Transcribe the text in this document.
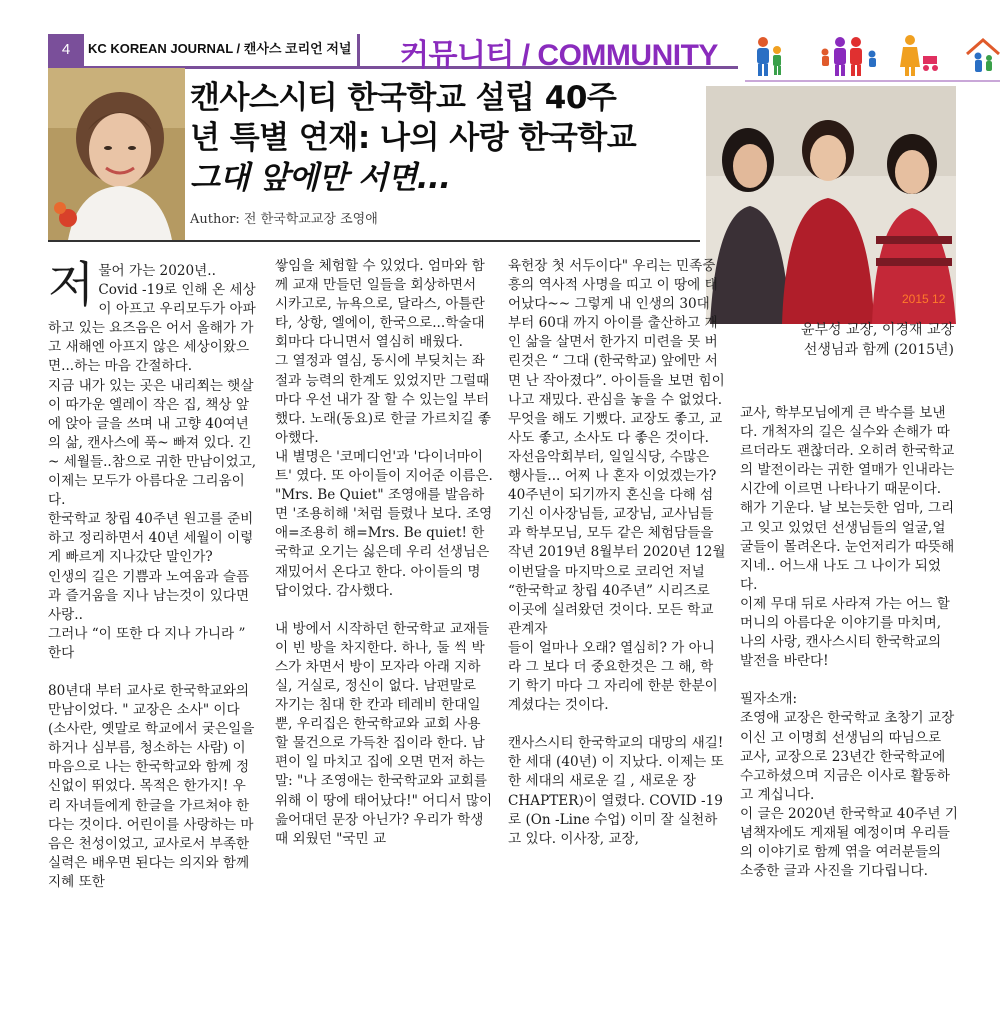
4	KC KOREAN JOURNAL / 캔사스 코리언 저널 커뮤니티 / COMMUNITY
캔사스시티 한국학교 설립 40주
년 특별 연재: 나의 사랑 한국학교
그대 앞에만 서면...
Author: 전 한국학교교장 조영애
2015 12
윤부성 교장, 이경재 교장
선생님과 함께 (2015년)

저물어 가는 2020년.. Covid -19로 인해 온 세상이 아프고 우리모두가 아파하고 있는 요즈음은 어서 올해가 가고 새해엔 아프지 않은 세상이왔으면...하는 마음 간절하다.

지금 내가 있는 곳은 내리쬐는 햇살이 따가운 엘레이 작은 집, 책상 앞에 앉아 글을 쓰며 내 고향 40여년의 삶, 캔사스에 푹~ 빠져 있다. 긴~ 세월들..참으로 귀한 만남이었고, 이제는 모두가 아름다운 그리움이다.

한국학교 창립 40주년 원고를 준비하고 정리하면서 40년 세월이 이렇게 빠르게 지나갔단 말인가?

인생의 길은 기쁨과 노여움과 슬픔과 즐거움을 지나 남는것이 있다면 사랑..

그러나 “이 또한 다 지나 가니라 ” 한다

80년대 부터 교사로 한국학교와의 만남이었다. " 교장은 소사" 이다 (소사란, 옛말로 학교에서 궂은일을 하거나 심부름, 청소하는 사람) 이 마음으로 나는 한국학교와 함께 정신없이 뛰었다. 목적은 한가지! 우리 자녀들에게 한글을 가르쳐야 한다는 것이다. 어린이를 사랑하는 마음은 천성이었고, 교사로서 부족한 실력은 배우면 된다는 의지와 함께 지혜 또한

쌓임을 체험할 수 있었다. 엄마와 함께 교재 만들던 일들을 회상하면서 시카고로, 뉴욕으로, 달라스, 아틀란타, 상항, 엘에이, 한국으로...학술대회마다 다니면서 열심히 배웠다.

그 열정과 열심, 동시에 부딪치는 좌절과 능력의 한계도 있었지만 그럴때 마다 우선 내가 잘 할 수 있는일 부터 했다. 노래(동요)로 한글 가르치길 좋아했다.

내 별명은 '코메디언'과 '다이너마이트' 였다. 또 아이들이 지어준 이름은. "Mrs. Be Quiet" 조영애를 발음하면 '조용히해 '처럼 들렸나 보다. 조영애=조용히 해=Mrs. Be quiet! 한국학교 오기는 싫은데 우리 선생님은 재밌어서 온다고 한다. 아이들의 명답이었다. 감사했다.

내 방에서 시작하던 한국학교 교재들이 빈 방을 차지한다. 하나, 둘 씩 박스가 차면서 방이 모자라 아래 지하실, 거실로, 정신이 없다. 남편말로 자기는 침대 한 칸과 테레비 한대일 뿐, 우리집은 한국학교와 교회 사용할 물건으로 가득찬 집이라 한다. 남편이 일 마치고 집에 오면 먼저 하는 말: "나 조영애는 한국학교와 교회를 위해 이 땅에 태어났다!" 어디서 많이 읊어대던 문장 아닌가? 우리가 학생 때 외웠던 "국민 교

육헌장 첫 서두이다" 우리는 민족중흥의 역사적 사명을 띠고 이 땅에 태어났다~~ 그렇게 내 인생의 30대 부터 60대 까지 아이를 출산하고 개인 삶을 살면서 한가지 미련을 못 버린것은 “ 그대 (한국학교) 앞에만 서면 난 작아졌다”. 아이들을 보면 힘이 나고 재밌다. 관심을 놓을 수 없었다. 무엇을 해도 기뻤다. 교장도 좋고, 교사도 좋고, 소사도 다 좋은 것이다. 자선음악회부터, 일일식당, 수많은 행사들... 어찌 나 혼자 이었겠는가?

40주년이 되기까지 혼신을 다해 섬기신 이사장님들, 교장님, 교사님들과 학부모님, 모두 같은 체험담들을 작년 2019년 8월부터 2020년 12월 이번달을 마지막으로 코리언 저널 “한국학교 창립 40주년” 시리즈로 이곳에 실려왔던 것이다. 모든 학교 관계자

들이 얼마나 오래? 열심히? 가 아니라 그 보다 더 중요한것은 그 해, 학기 학기 마다 그 자리에 한분 한분이 계셨다는 것이다.

캔사스시티 한국학교의 대망의 새길! 한 세대 (40년) 이 지났다. 이제는 또 한 세대의 새로운 길 , 새로운 장 CHAPTER)이 열렸다. COVID -19로 (On -Line 수업) 이미 잘 실천하고 있다. 이사장, 교장,

교사, 학부모님에게 큰 박수를 보낸다. 개척자의 길은 실수와 손해가 따르더라도 괜찮더라. 오히려 한국학교의 발전이라는 귀한 열매가 인내라는 시간에 이르면 나타나기 때문이다. 해가 기운다. 날 보는듯한 엄마, 그리고 잊고 있었던 선생님들의 얼굴,얼굴들이 몰려온다. 눈언저리가 따뜻해 지네.. 어느새 나도 그 나이가 되었다.

이제 무대 뒤로 사라져 가는 어느 할머니의 아름다운 이야기를 마치며, 나의 사랑, 캔사스시티 한국학교의 발전을 바란다!

필자소개:

조영애 교장은 한국학교 초창기 교장이신 고 이명희 선생님의 따님으로 교사, 교장으로 23년간 한국학교에 수고하셨으며 지금은 이사로 활동하고 계십니다.

이 글은 2020년 한국학교 40주년 기념책자에도 게재될 예정이며 우리들의 이야기로 함께 엮을 여러분들의 소중한 글과 사진을 기다립니다.
